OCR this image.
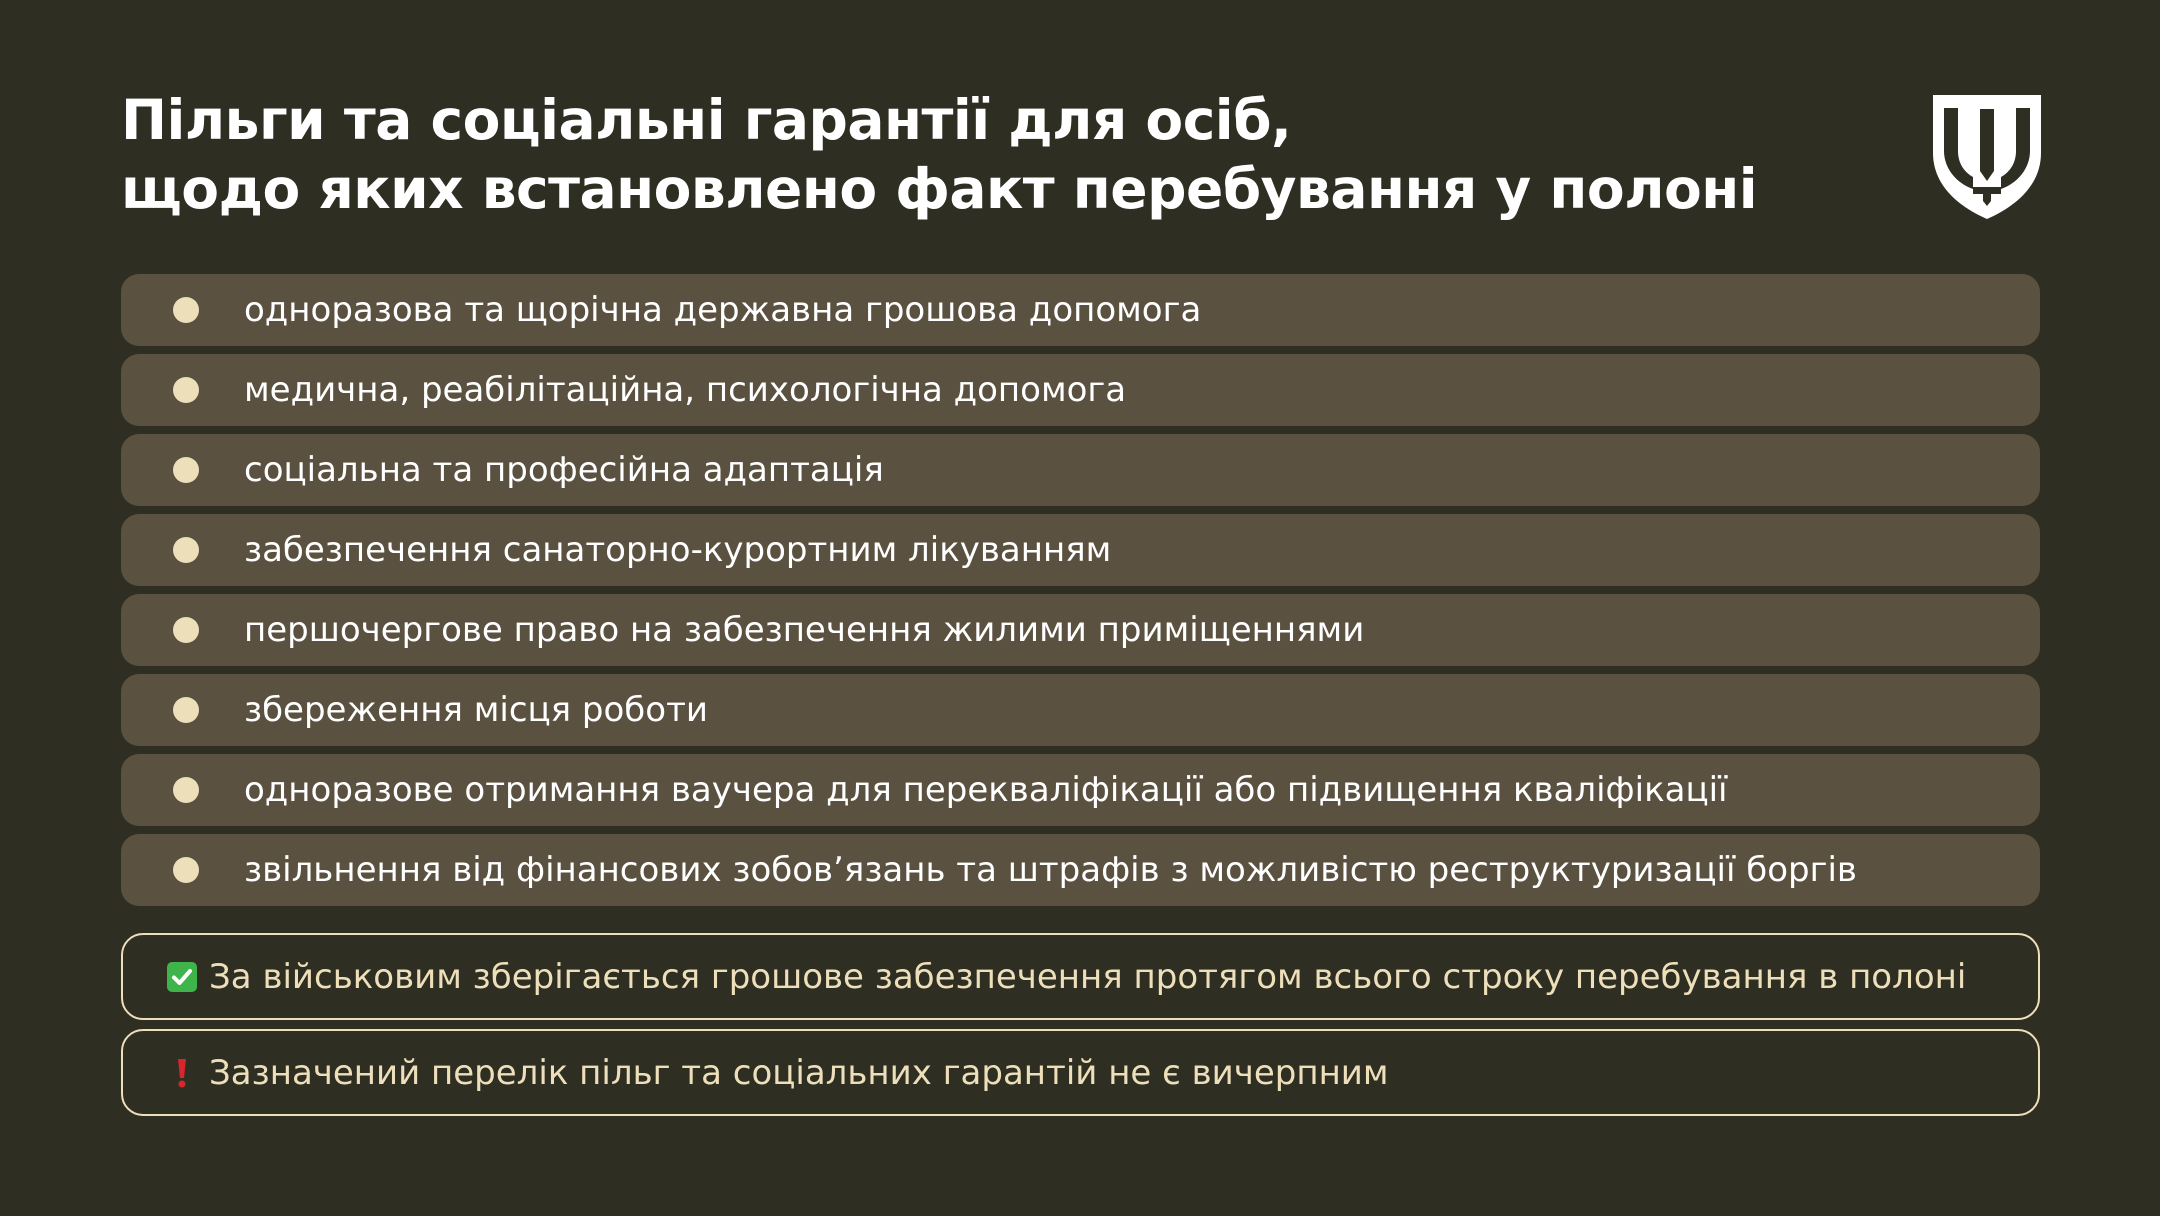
Пільги та соціальні гарантії для осіб,
щодо яких встановлено факт перебування у полоні
одноразова та щорічна державна грошова допомога
медична, реабілітаційна, психологічна допомога
соціальна та професійна адаптація
забезпечення санаторно-курортним лікуванням
першочергове право на забезпечення жилими приміщеннями
збереження місця роботи
одноразове отримання ваучера для перекваліфікації або підвищення кваліфікації
звільнення від фінансових зобов’язань та штрафів з можливістю реструктуризації боргів
За військовим зберігається грошове забезпечення протягом всього строку перебування в полоні
Зазначений перелік пільг та соціальних гарантій не є вичерпним
